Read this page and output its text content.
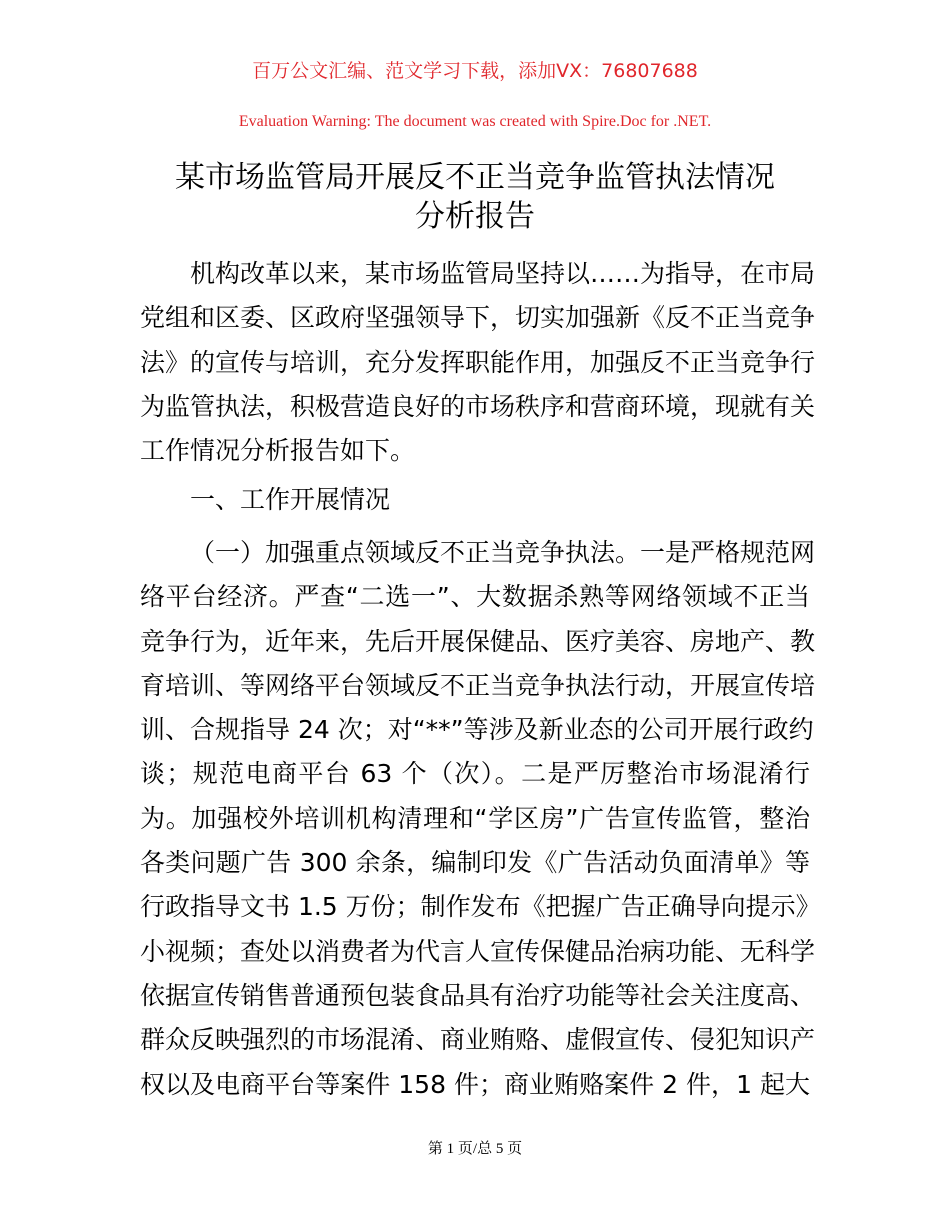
百万公文汇编、范文学习下载，添加VX：76807688
Evaluation Warning: The document was created with Spire.Doc for .NET.
某市场监管局开展反不正当竞争监管执法情况
分析报告
机构改革以来，某市场监管局坚持以……为指导，在市局
党组和区委、区政府坚强领导下，切实加强新《反不正当竞争
法》的宣传与培训，充分发挥职能作用，加强反不正当竞争行
为监管执法，积极营造良好的市场秩序和营商环境，现就有关
工作情况分析报告如下。
一、工作开展情况
（一）加强重点领域反不正当竞争执法。一是严格规范网
络平台经济。严查“二选一”、大数据杀熟等网络领域不正当
竞争行为，近年来，先后开展保健品、医疗美容、房地产、教
育培训、等网络平台领域反不正当竞争执法行动，开展宣传培
训、合规指导 24 次；对“**”等涉及新业态的公司开展行政约
谈；规范电商平台 63 个（次）。二是严厉整治市场混淆行
为。加强校外培训机构清理和“学区房”广告宣传监管，整治
各类问题广告 300 余条，编制印发《广告活动负面清单》等
行政指导文书 1.5 万份；制作发布《把握广告正确导向提示》
小视频；查处以消费者为代言人宣传保健品治病功能、无科学
依据宣传销售普通预包装食品具有治疗功能等社会关注度高、
群众反映强烈的市场混淆、商业贿赂、虚假宣传、侵犯知识产
权以及电商平台等案件 158 件；商业贿赂案件 2 件，1 起大
第 1 页/总 5 页
